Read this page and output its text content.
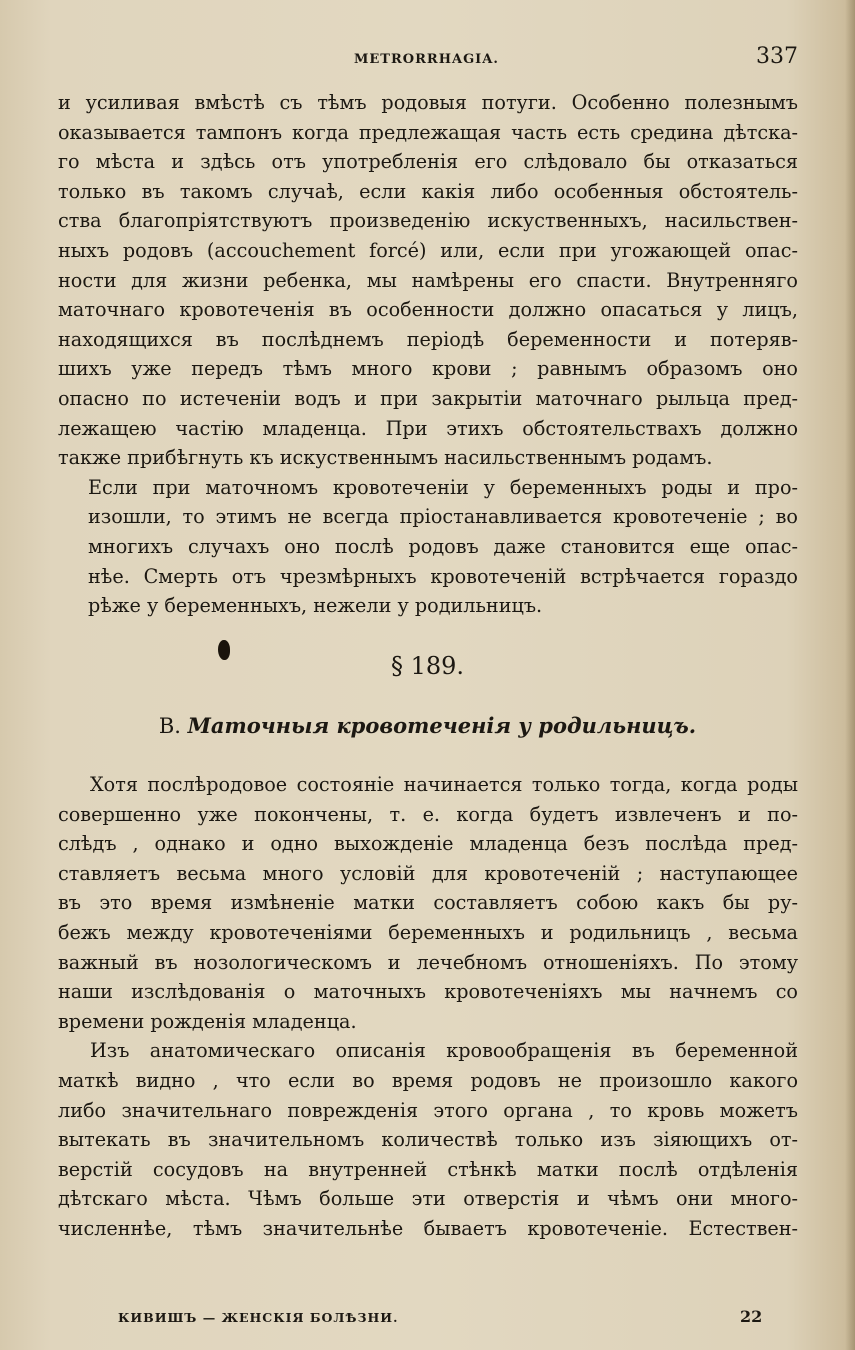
METRORRHAGIA.	337

и усиливая вмѣстѣ съ тѣмъ родовыя потуги. Особенно полезнымъ
оказывается тампонъ когда предлежащая часть есть средина дѣтска-
го мѣста и здѣсь отъ употребленія его слѣдовало бы отказаться
только въ такомъ случаѣ, если какія либо особенныя обстоятель-
ства благопріятствуютъ произведенію искуственныхъ, насильствен-
ныхъ родовъ (accouchement forcé) или, если при угожающей опас-
ности для жизни ребенка, мы намѣрены его спасти. Внутренняго
маточнаго кровотеченія въ особенности должно опасаться у лицъ,
находящихся въ послѣднемъ періодѣ беременности и потеряв-
шихъ уже передъ тѣмъ много крови ; равнымъ образомъ оно
опасно по истеченіи водъ и при закрытіи маточнаго рыльца пред-
лежащею частію младенца. При этихъ обстоятельствахъ должно
также прибѣгнуть къ искуственнымъ насильственнымъ родамъ.

Если при маточномъ кровотеченіи у беременныхъ роды и про-
изошли, то этимъ не всегда пріостанавливается кровотеченіе ; во
многихъ случахъ оно послѣ родовъ даже становится еще опас-
нѣе. Смерть отъ чрезмѣрныхъ кровотеченій встрѣчается гораздо
рѣже у беременныхъ, нежели у родильницъ.

§ 189.
B. Маточныя кровотеченія у родильницъ.

Хотя послѣродовое состояніе начинается только тогда, когда роды
совершенно уже покончены, т. е. когда будетъ извлеченъ и по-
слѣдъ , однако и одно выхожденіе младенца безъ послѣда пред-
ставляетъ весьма много условій для кровотеченій ; наступающее
въ это время измѣненіе матки составляетъ собою какъ бы ру-
бежъ между кровотеченіями беременныхъ и родильницъ , весьма
важный въ нозологическомъ и лечебномъ отношеніяхъ. По этому
наши изслѣдованія о маточныхъ кровотеченіяхъ мы начнемъ со
времени рожденія младенца.

Изъ анатомическаго описанія кровообращенія въ беременной
маткѣ видно , что если во время родовъ не произошло какого
либо значительнаго поврежденія этого органа , то кровь можетъ
вытекать въ значительномъ количествѣ только изъ зіяющихъ от-
верстій сосудовъ на внутренней стѣнкѣ матки послѣ отдѣленія
дѣтскаго мѣста. Чѣмъ больше эти отверстія и чѣмъ они много-
численнѣе, тѣмъ значительнѣе бываетъ кровотеченіе. Естествен-

КИВИШЪ — ЖЕНСКІЯ БОЛѢЗНИ.	22
